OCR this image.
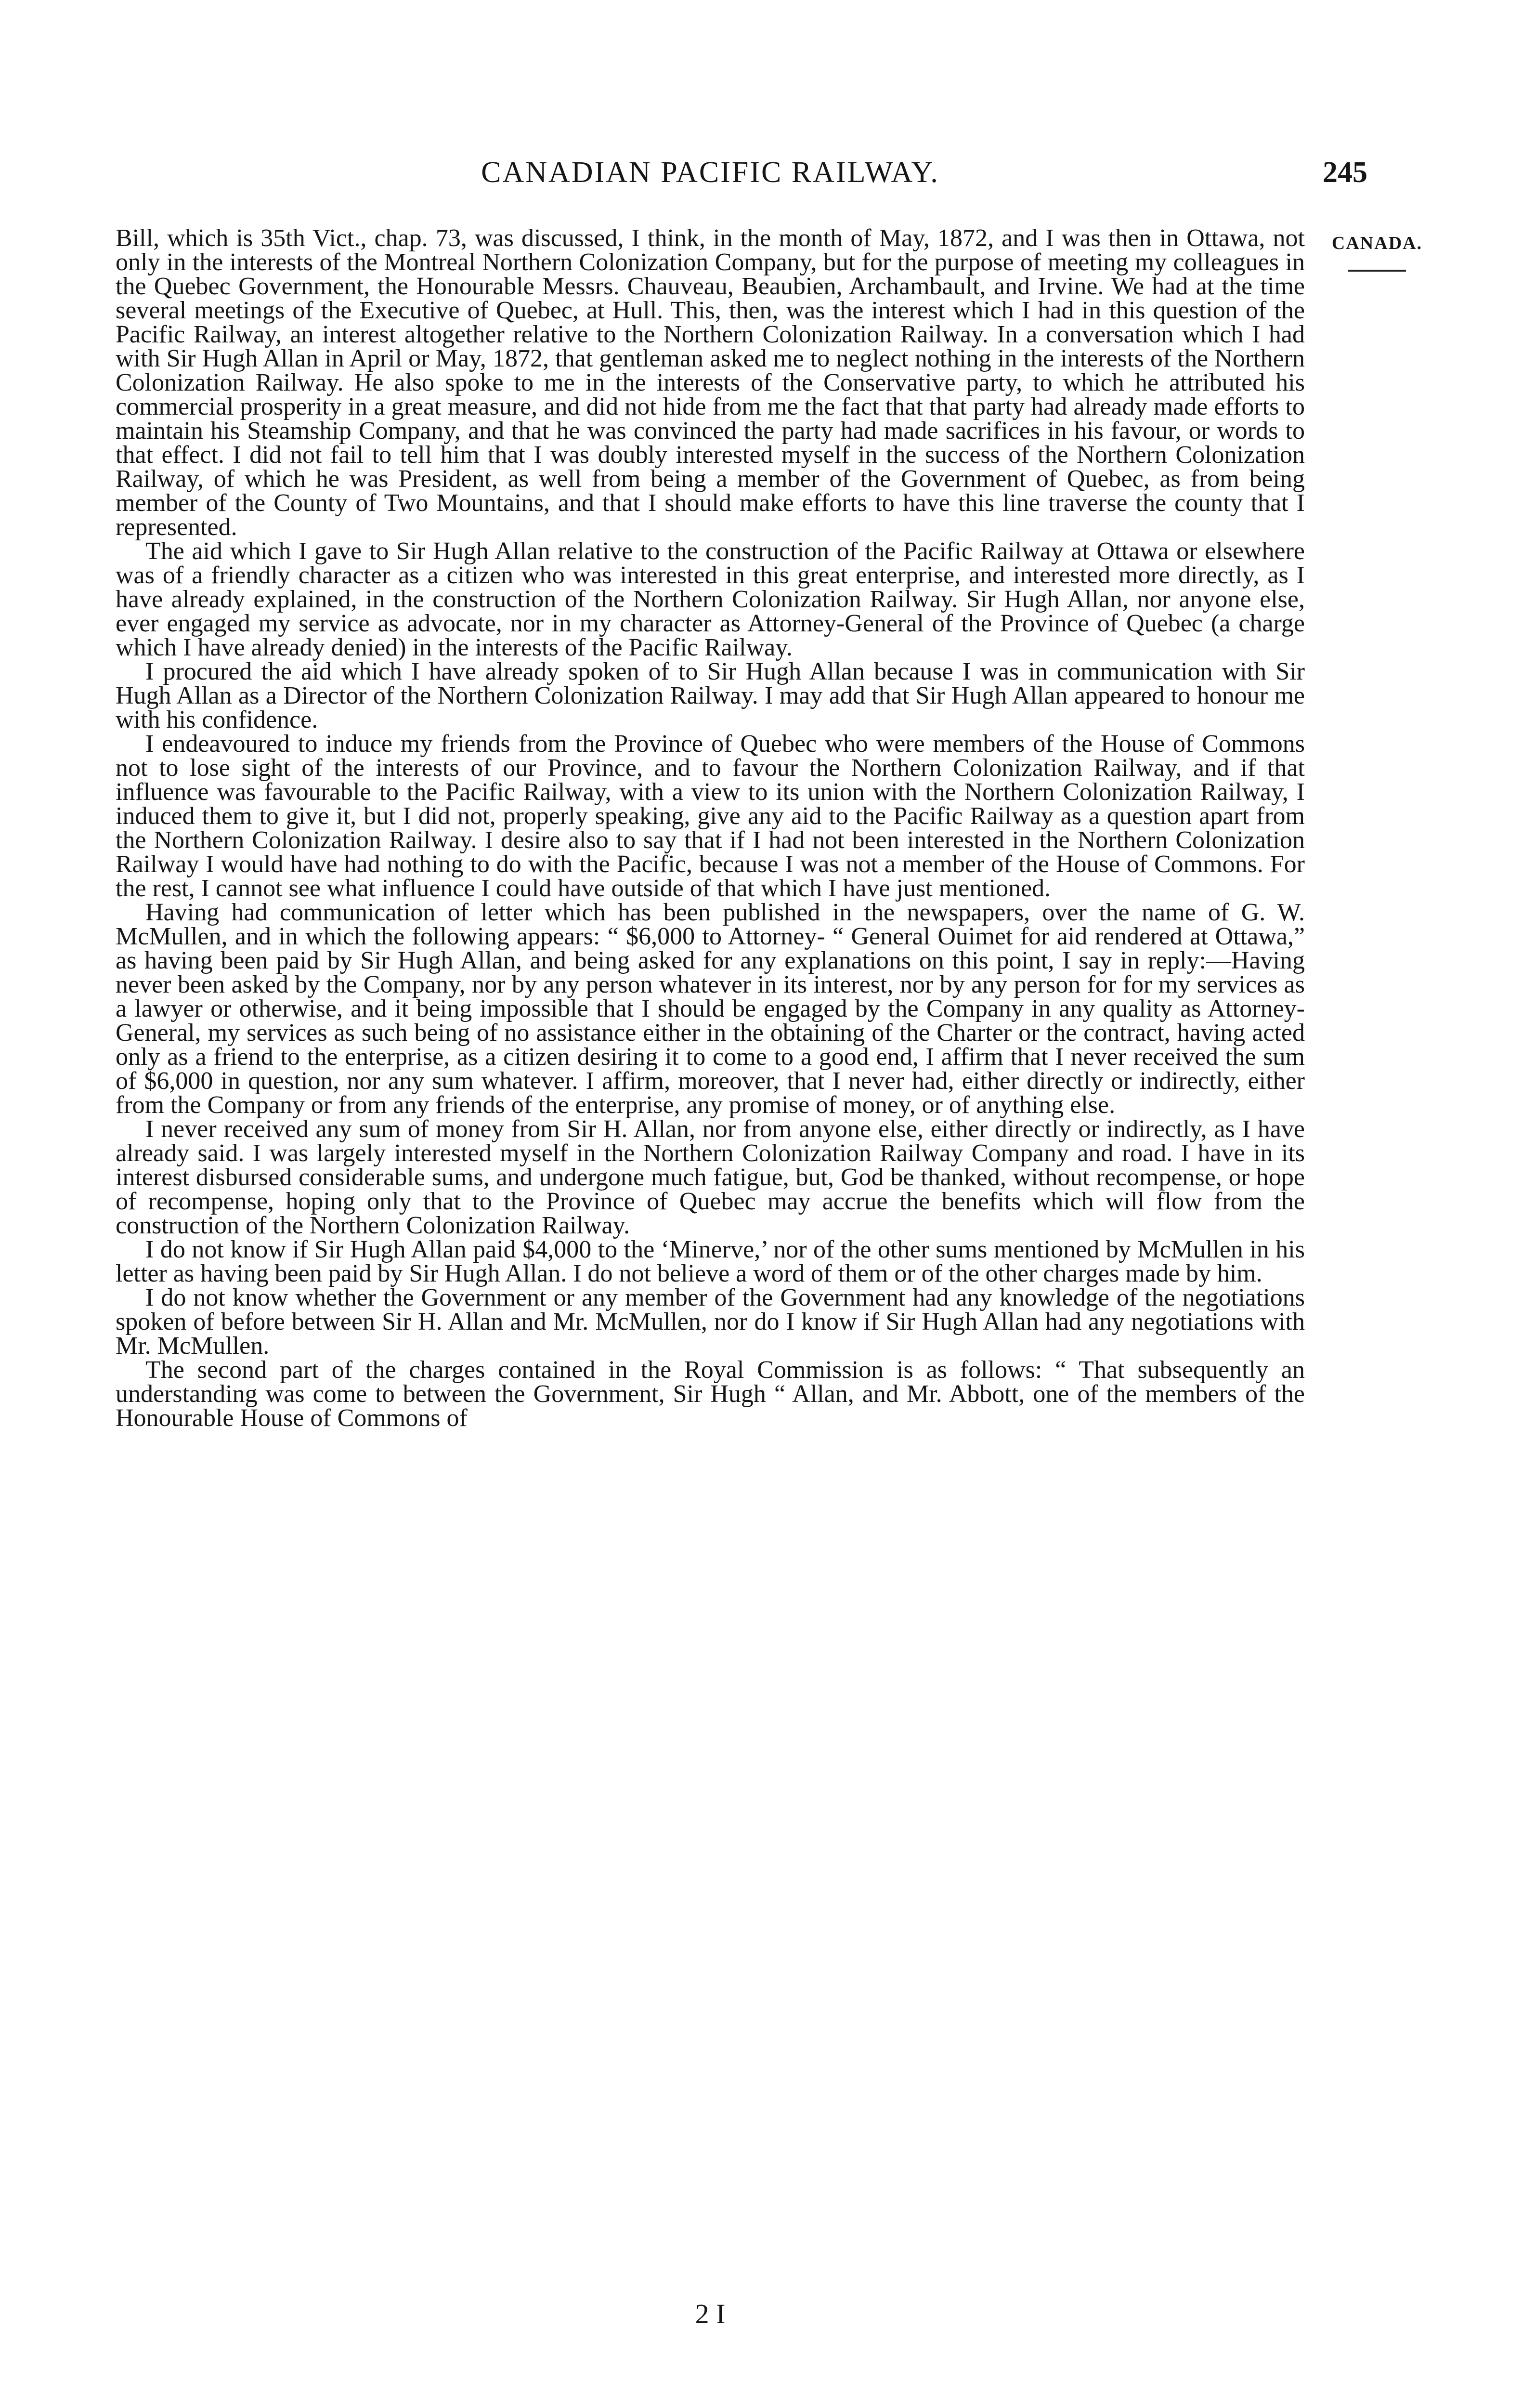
CANADIAN PACIFIC RAILWAY.	245
CANADA.

Bill, which is 35th Vict., chap. 73, was discussed, I think, in the month of May, 1872, and I was then in Ottawa, not only in the interests of the Montreal Northern Colonization Company, but for the purpose of meeting my colleagues in the Quebec Government, the Honourable Messrs. Chauveau, Beaubien, Archambault, and Irvine. We had at the time several meetings of the Executive of Quebec, at Hull. This, then, was the interest which I had in this question of the Pacific Railway, an interest altogether relative to the Northern Colonization Railway. In a conversation which I had with Sir Hugh Allan in April or May, 1872, that gentleman asked me to neglect nothing in the interests of the Northern Colonization Railway. He also spoke to me in the interests of the Conservative party, to which he attributed his commercial prosperity in a great measure, and did not hide from me the fact that that party had already made efforts to maintain his Steamship Company, and that he was convinced the party had made sacrifices in his favour, or words to that effect. I did not fail to tell him that I was doubly interested myself in the success of the Northern Colonization Railway, of which he was President, as well from being a member of the Government of Quebec, as from being member of the County of Two Mountains, and that I should make efforts to have this line traverse the county that I represented.

The aid which I gave to Sir Hugh Allan relative to the construction of the Pacific Railway at Ottawa or elsewhere was of a friendly character as a citizen who was interested in this great enterprise, and interested more directly, as I have already explained, in the construction of the Northern Colonization Railway. Sir Hugh Allan, nor anyone else, ever engaged my service as advocate, nor in my character as Attorney-General of the Province of Quebec (a charge which I have already denied) in the interests of the Pacific Railway.

I procured the aid which I have already spoken of to Sir Hugh Allan because I was in communication with Sir Hugh Allan as a Director of the Northern Colonization Railway. I may add that Sir Hugh Allan appeared to honour me with his confidence.

I endeavoured to induce my friends from the Province of Quebec who were members of the House of Commons not to lose sight of the interests of our Province, and to favour the Northern Colonization Railway, and if that influence was favourable to the Pacific Railway, with a view to its union with the Northern Colonization Railway, I induced them to give it, but I did not, properly speaking, give any aid to the Pacific Railway as a question apart from the Northern Colonization Railway. I desire also to say that if I had not been interested in the Northern Colonization Railway I would have had nothing to do with the Pacific, because I was not a member of the House of Commons. For the rest, I cannot see what influence I could have outside of that which I have just mentioned.

Having had communication of letter which has been published in the newspapers, over the name of G. W. McMullen, and in which the following appears: “ $6,000 to Attorney- “ General Ouimet for aid rendered at Ottawa,” as having been paid by Sir Hugh Allan, and being asked for any explanations on this point, I say in reply:—Having never been asked by the Company, nor by any person whatever in its interest, nor by any person for for my services as a lawyer or otherwise, and it being impossible that I should be engaged by the Company in any quality as Attorney-General, my services as such being of no assistance either in the obtaining of the Charter or the contract, having acted only as a friend to the enterprise, as a citizen desiring it to come to a good end, I affirm that I never received the sum of $6,000 in question, nor any sum whatever. I affirm, moreover, that I never had, either directly or indirectly, either from the Company or from any friends of the enterprise, any promise of money, or of anything else.

I never received any sum of money from Sir H. Allan, nor from anyone else, either directly or indirectly, as I have already said. I was largely interested myself in the Northern Colonization Railway Company and road. I have in its interest disbursed considerable sums, and undergone much fatigue, but, God be thanked, without recompense, or hope of recompense, hoping only that to the Province of Quebec may accrue the benefits which will flow from the construction of the Northern Colonization Railway.

I do not know if Sir Hugh Allan paid $4,000 to the ‘Minerve,’ nor of the other sums mentioned by McMullen in his letter as having been paid by Sir Hugh Allan. I do not believe a word of them or of the other charges made by him.

I do not know whether the Government or any member of the Government had any knowledge of the negotiations spoken of before between Sir H. Allan and Mr. McMullen, nor do I know if Sir Hugh Allan had any negotiations with Mr. McMullen.

The second part of the charges contained in the Royal Commission is as follows: “ That subsequently an understanding was come to between the Government, Sir Hugh “ Allan, and Mr. Abbott, one of the members of the Honourable House of Commons of

2 I
